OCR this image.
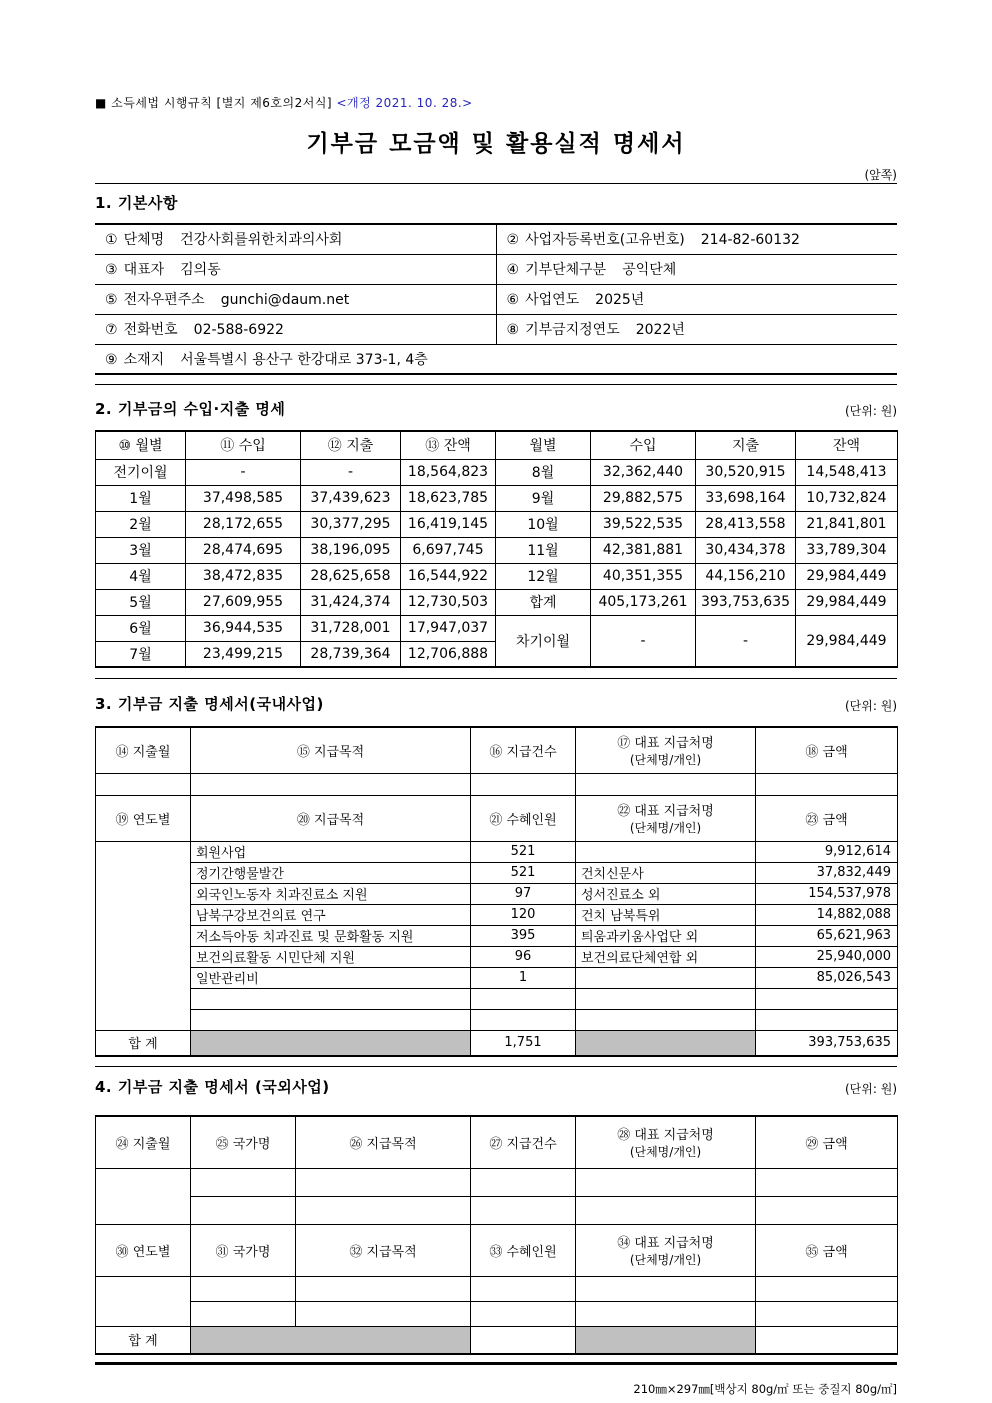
■ 소득세법 시행규칙 [별지 제6호의2서식] <개정 2021. 10. 28.>
기부금 모금액 및 활용실적 명세서
(앞쪽)
1. 기본사항
① 단체명 건강사회를위한치과의사회	② 사업자등록번호(고유번호) 214-82-60132
③ 대표자 김의동	④ 기부단체구분 공익단체
⑤ 전자우편주소 gunchi@daum.net	⑥ 사업연도 2025년
⑦ 전화번호 02-588-6922	⑧ 기부금지정연도 2022년
⑨ 소재지 서울특별시 용산구 한강대로 373-1, 4층	
2. 기부금의 수입·지출 명세	(단위: 원)
⑩ 월별	⑪ 수입	⑫ 지출	⑬ 잔액	월별	수입	지출	잔액
전기이월	-	-	18,564,823	8월	32,362,440	30,520,915	14,548,413
1월	37,498,585	37,439,623	18,623,785	9월	29,882,575	33,698,164	10,732,824
2월	28,172,655	30,377,295	16,419,145	10월	39,522,535	28,413,558	21,841,801
3월	28,474,695	38,196,095	6,697,745	11월	42,381,881	30,434,378	33,789,304
4월	38,472,835	28,625,658	16,544,922	12월	40,351,355	44,156,210	29,984,449
5월	27,609,955	31,424,374	12,730,503	합계	405,173,261	393,753,635	29,984,449
6월	36,944,535	31,728,001	17,947,037	차기이월	-	-	29,984,449
7월	23,499,215	28,739,364	12,706,888				
3. 기부금 지출 명세서(국내사업)	(단위: 원)
⑭ 지출월	⑮ 지급목적	⑯ 지급건수	⑰ 대표 지급처명
(단체명/개인)	⑱ 금액

⑲ 연도별	⑳ 지급목적	㉑ 수혜인원	㉒ 대표 지급처명
(단체명/개인)	㉓ 금액
	회원사업	521		9,912,614
	정기간행물발간	521	건치신문사	37,832,449
	외국인노동자 치과진료소 지원	97	성서진료소 외	154,537,978
	남북구강보건의료 연구	120	건치 남북특위	14,882,088
	저소득아동 치과진료 및 문화활동 지원	395	틔움과키움사업단 외	65,621,963
	보건의료활동 시민단체 지원	96	보건의료단체연합 외	25,940,000
	일반관리비	1		85,026,543

합 계		1,751		393,753,635
4. 기부금 지출 명세서 (국외사업)	(단위: 원)
㉔ 지출월	㉕ 국가명	㉖ 지급목적	㉗ 지급건수	㉘ 대표 지급처명
(단체명/개인)	㉙ 금액

㉚ 연도별	㉛ 국가명	㉜ 지급목적	㉝ 수혜인원	㉞ 대표 지급처명
(단체명/개인)	㉟ 금액

합 계					
210㎜×297㎜[백상지 80g/㎡ 또는 중질지 80g/㎡]
